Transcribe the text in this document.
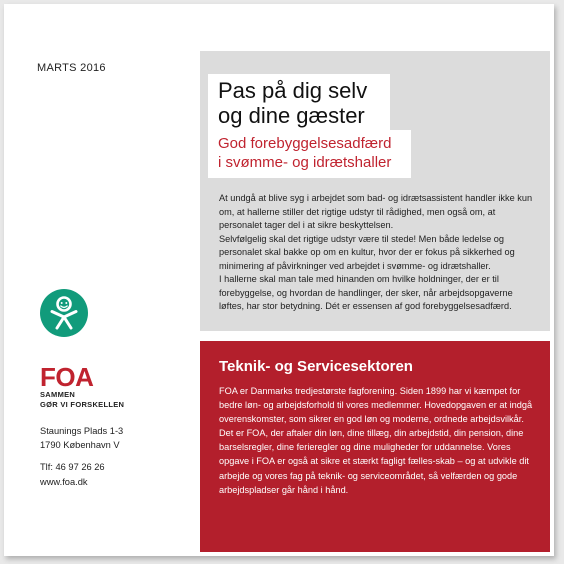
MARTS 2016
Pas på dig selv
og dine gæster
God forebyggelsesadfærd
i svømme- og idrætshaller

At undgå at blive syg i arbejdet som bad- og idrætsassistent handler ikke kun om, at hallerne stiller det rigtige udstyr til rådighed, men også om, at personalet tager del i at sikre beskyttelsen.

Selvfølgelig skal det rigtige udstyr være til stede! Men både ledelse og personalet skal bakke op om en kultur, hvor der er fokus på sikkerhed og minimering af påvirkninger ved arbejdet i svømme- og idrætshaller.

I hallerne skal man tale med hinanden om hvilke holdninger, der er til forebyggelse, og hvordan de handlinger, der sker, når arbejdsopgaverne løftes, har stor betydning. Dét er essensen af god forebyggelsesadfærd.

Teknik- og Servicesektoren
FOA er Danmarks tredjestørste fagforening. Siden 1899 har vi kæmpet for bedre løn- og arbejdsforhold til vores medlemmer. Hovedopgaven er at indgå overenskomster, som sikrer en god løn og moderne, ordnede arbejdsvilkår. Det er FOA, der aftaler din løn, dine tillæg, din arbejdstid, din pension, dine barselsregler, dine ferieregler og dine muligheder for uddannelse. Vores opgave i FOA er også at sikre et stærkt fagligt fælles-skab – og at udvikle dit arbejde og vores fag på teknik- og serviceområdet, så velfærden og gode arbejdspladser går hånd i hånd.
FOA
SAMMEN
GØR VI FORSKELLEN
Staunings Plads 1-3
1790 København V
Tlf: 46 97 26 26
www.foa.dk
